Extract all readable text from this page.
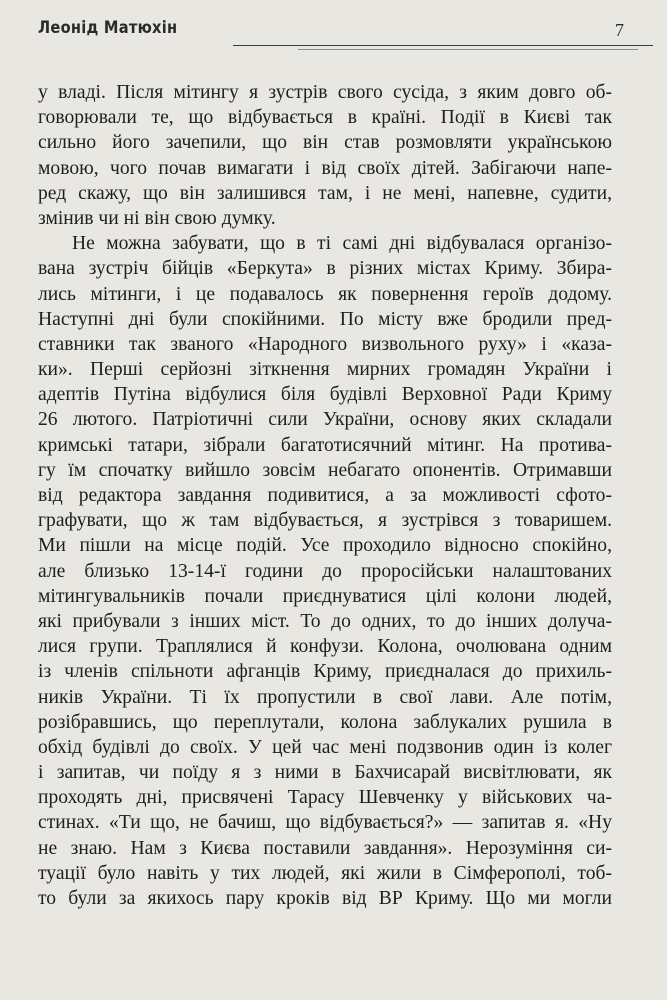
Леонід Матюхін	7
у владі. Після мітингу я зустрів свого сусіда, з яким довго об-
говорювали те, що відбувається в країні. Події в Києві так
сильно його зачепили, що він став розмовляти українською
мовою, чого почав вимагати і від своїх дітей. Забігаючи напе-
ред скажу, що він залишився там, і не мені, напевне, судити,
змінив чи ні він свою думку.
Не можна забувати, що в ті самі дні відбувалася організо-
вана зустріч бійців «Беркута» в різних містах Криму. Збира-
лись мітинги, і це подавалось як повернення героїв додому.
Наступні дні були спокійними. По місту вже бродили пред-
ставники так званого «Народного визвольного руху» і «каза-
ки». Перші серйозні зіткнення мирних громадян України і
адептів Путіна відбулися біля будівлі Верховної Ради Криму
26 лютого. Патріотичні сили України, основу яких складали
кримські татари, зібрали багатотисячний мітинг. На протива-
гу їм спочатку вийшло зовсім небагато опонентів. Отримавши
від редактора завдання подивитися, а за можливості сфото-
графувати, що ж там відбувається, я зустрівся з товаришем.
Ми пішли на місце подій. Усе проходило відносно спокійно,
але близько 13-14-ї години до проросійськи налаштованих
мітингувальників почали приєднуватися цілі колони людей,
які прибували з інших міст. То до одних, то до інших долуча-
лися групи. Траплялися й конфузи. Колона, очолювана одним
із членів спільноти афганців Криму, приєдналася до прихиль-
ників України. Ті їх пропустили в свої лави. Але потім,
розібравшись, що переплутали, колона заблукалих рушила в
обхід будівлі до своїх. У цей час мені подзвонив один із колег
і запитав, чи поїду я з ними в Бахчисарай висвітлювати, як
проходять дні, присвячені Тарасу Шевченку у військових ча-
стинах. «Ти що, не бачиш, що відбувається?» — запитав я. «Ну
не знаю. Нам з Києва поставили завдання». Нерозуміння си-
туації було навіть у тих людей, які жили в Сімферополі, тоб-
то були за якихось пару кроків від ВР Криму. Що ми могли
